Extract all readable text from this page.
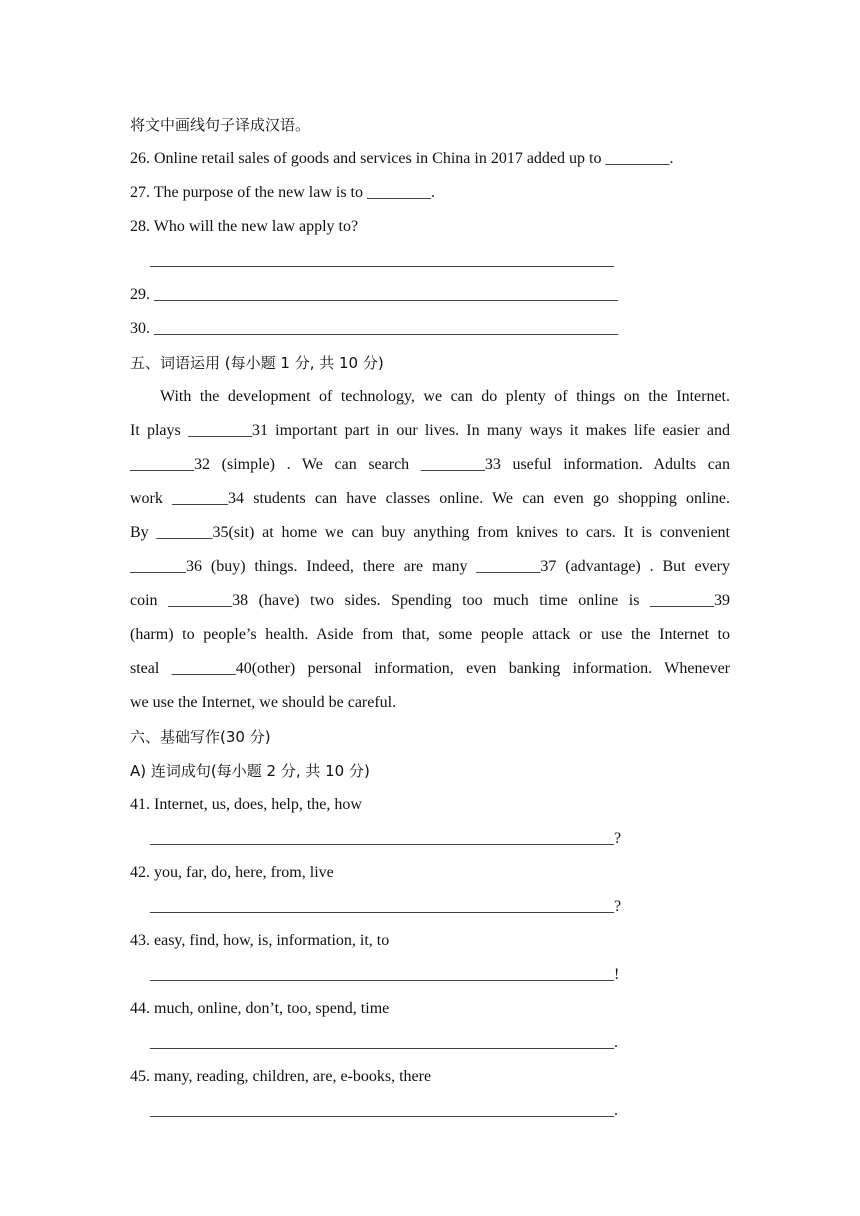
将文中画线句子译成汉语。
26. Online retail sales of goods and services in China in 2017 added up to ________.
27. The purpose of the new law is to ________.
28. Who will the new law apply to?
__________________________________________________________
29. __________________________________________________________
30. __________________________________________________________
五、词语运用 (每小题 1 分, 共 10 分)
With the development of technology, we can do plenty of things on the Internet.
It plays ________31 important part in our lives. In many ways it makes life easier and
________32 (simple) . We can search ________33 useful information. Adults can
work _______34 students can have classes online. We can even go shopping online.
By _______35(sit) at home we can buy anything from knives to cars. It is convenient
_______36 (buy) things. Indeed, there are many ________37 (advantage) . But every
coin ________38 (have) two sides. Spending too much time online is ________39
(harm) to people’s health. Aside from that, some people attack or use the Internet to
steal ________40(other) personal information, even banking information. Whenever
we use the Internet, we should be careful.
六、基础写作(30 分)
A) 连词成句(每小题 2 分, 共 10 分)
41. Internet, us, does, help, the, how
__________________________________________________________?
42. you, far, do, here, from, live
__________________________________________________________?
43. easy, find, how, is, information, it, to
__________________________________________________________!
44. much, online, don’t, too, spend, time
__________________________________________________________.
45. many, reading, children, are, e-books, there
__________________________________________________________.
